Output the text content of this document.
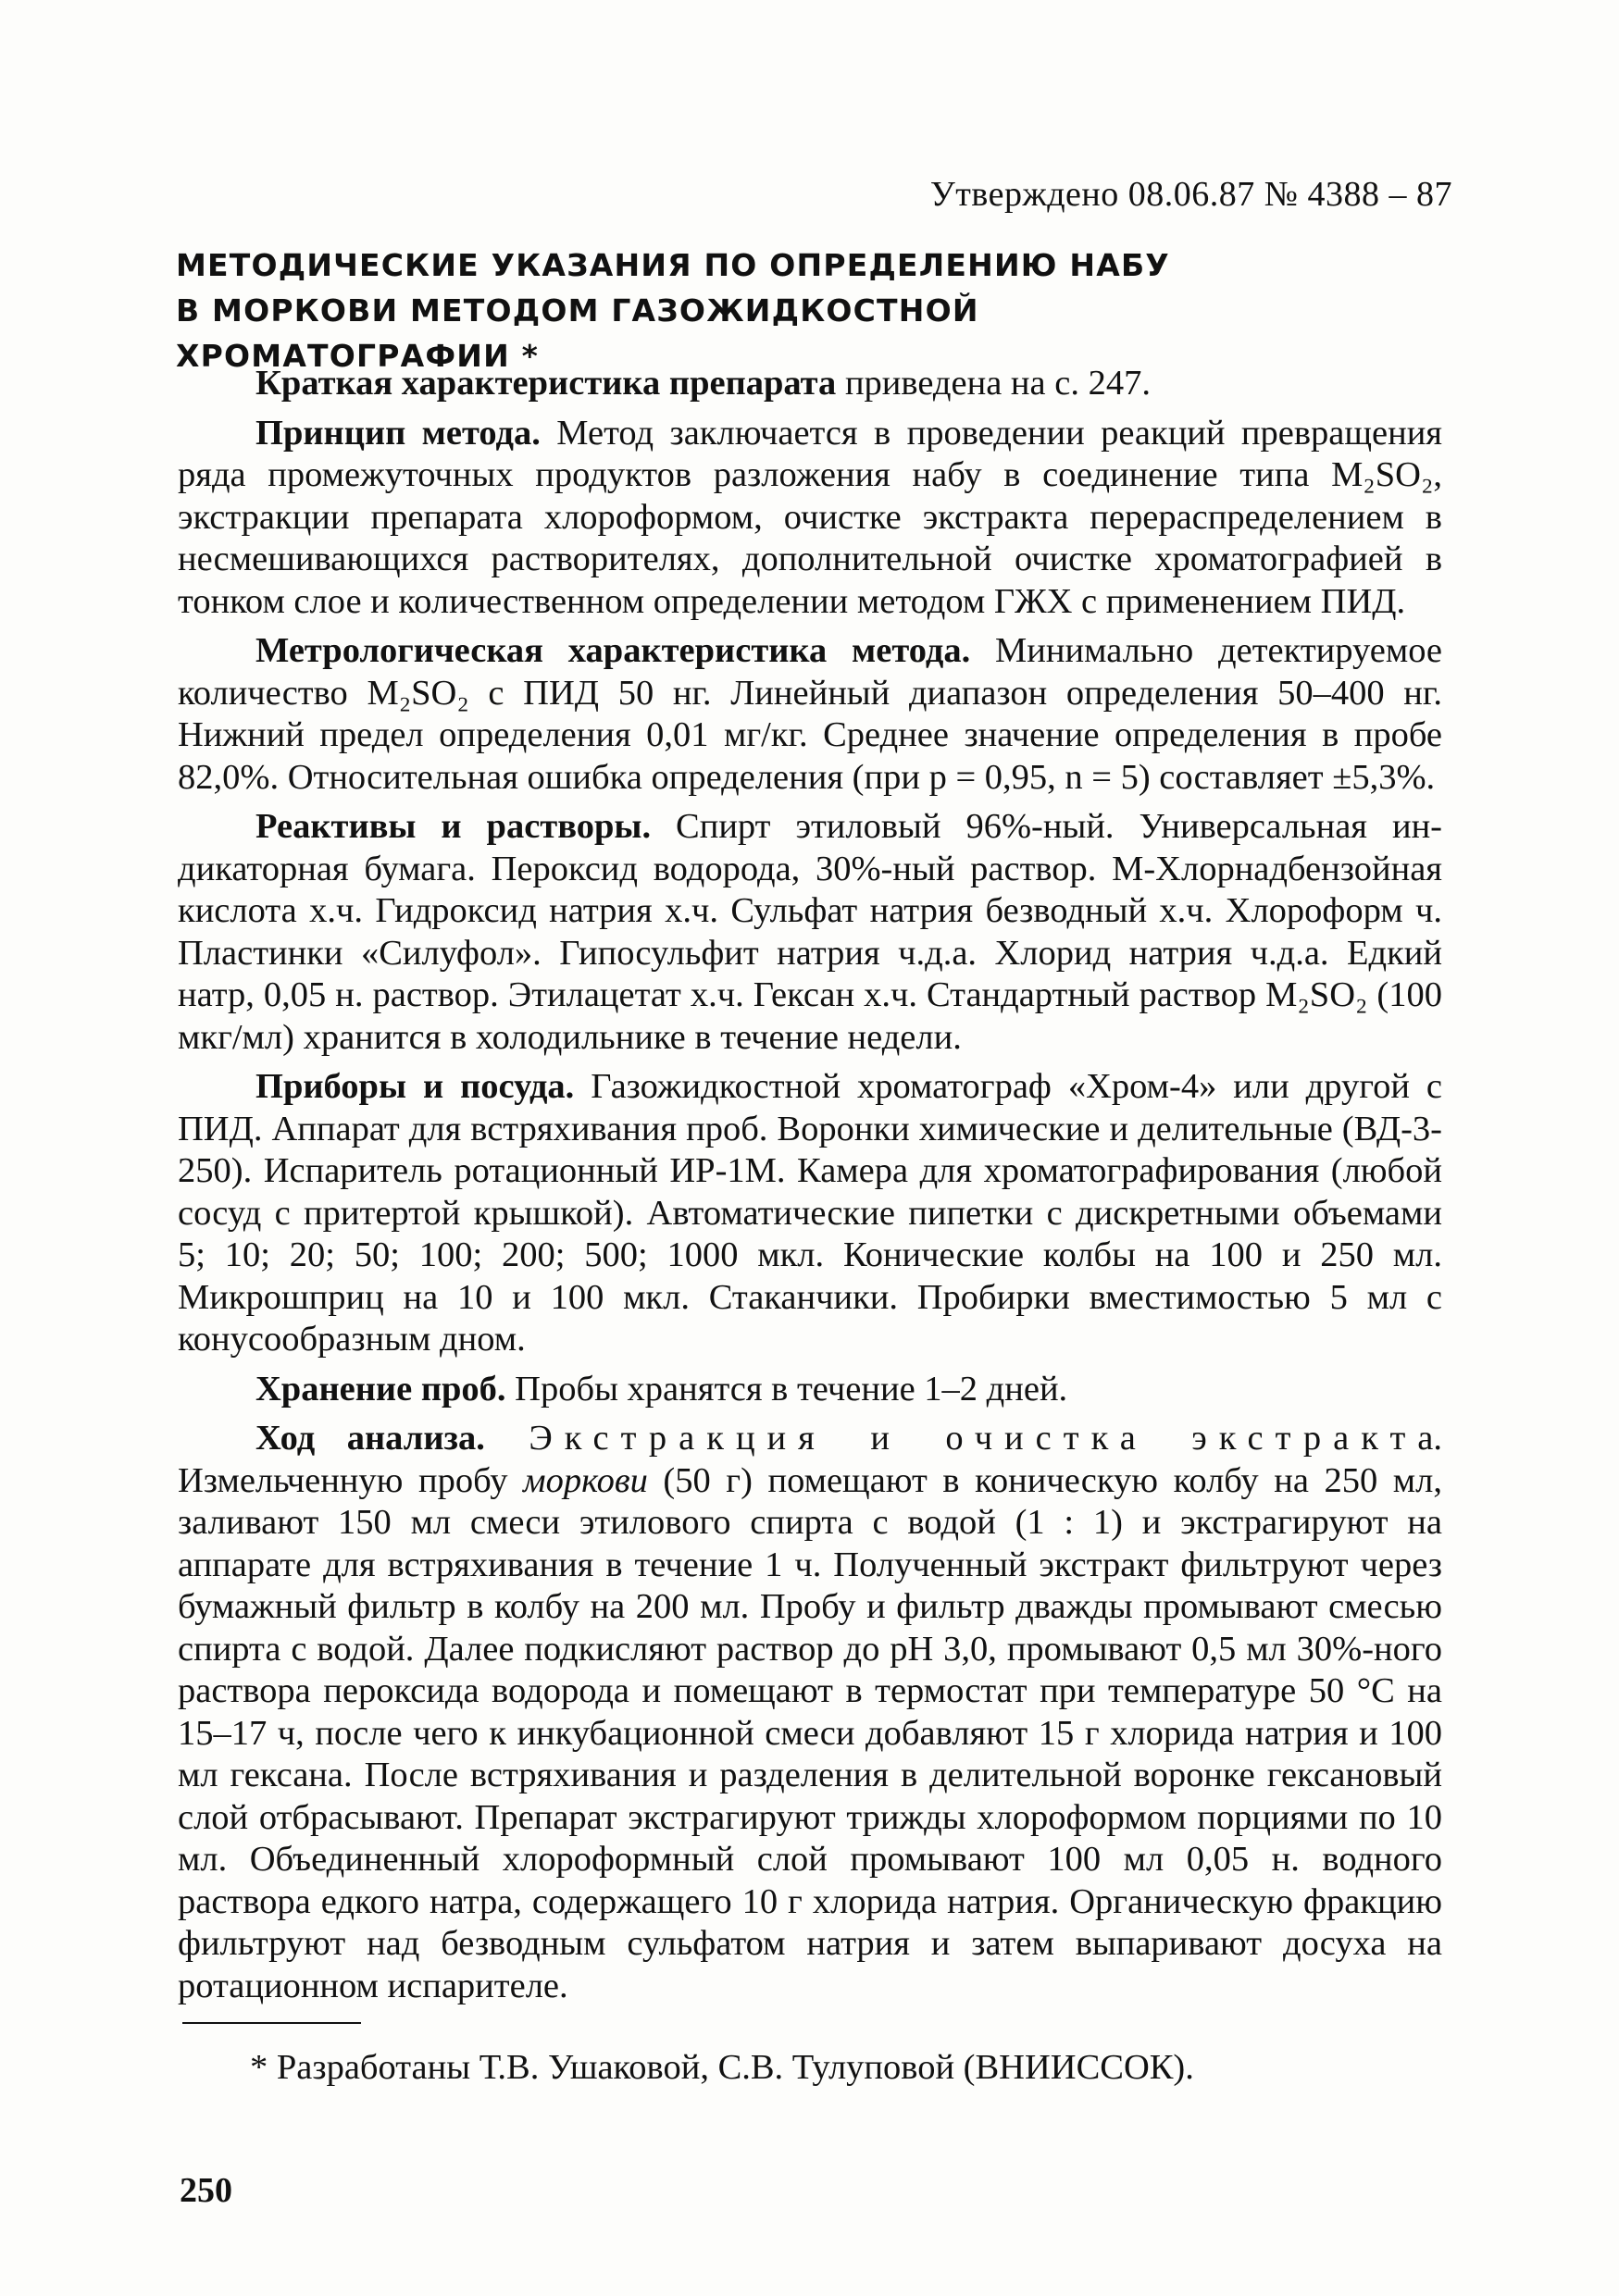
Утверждено 08.06.87 № 4388 – 87
МЕТОДИЧЕСКИЕ УКАЗАНИЯ ПО ОПРЕДЕЛЕНИЮ НАБУ
В МОРКОВИ МЕТОДОМ ГАЗОЖИДКОСТНОЙ
ХРОМАТОГРАФИИ *

Краткая характеристика препарата приведена на с. 247.

Принцип метода. Метод заключается в проведении реакций превращения ряда промежуточных продуктов разложения набу в соединение типа M₂SO₂, экстракции препарата хлороформом, очистке экстракта перераспределением в несмешивающихся растворителях, дополнительной очистке хроматографией в тонком слое и количественном определении методом ГЖХ с применением ПИД.

Метрологическая характеристика метода. Минимально детектируемое количество M₂SO₂ с ПИД 50 нг. Линейный диапазон определения 50–400 нг. Нижний предел определения 0,01 мг/кг. Среднее значение определения в пробе 82,0%. Относительная ошибка определения (при p = 0,95, n = 5) составляет ±5,3%.

Реактивы и растворы. Спирт этиловый 96%-ный. Универсальная индикаторная бумага. Пероксид водорода, 30%-ный раствор. М-Хлорнадбензойная кислота х.ч. Гидроксид натрия х.ч. Сульфат натрия безводный х.ч. Хлороформ ч. Пластинки «Силуфол». Гипосульфит натрия ч.д.а. Хлорид натрия ч.д.а. Едкий натр, 0,05 н. раствор. Этилацетат х.ч. Гексан х.ч. Стандартный раствор M₂SO₂ (100 мкг/мл) хранится в холодильнике в течение недели.

Приборы и посуда. Газожидкостной хроматограф «Хром-4» или другой с ПИД. Аппарат для встряхивания проб. Воронки химические и делительные (ВД-3-250). Испаритель ротационный ИР-1М. Камера для хроматографирования (любой сосуд с притертой крышкой). Автоматические пипетки с дискретными объемами 5; 10; 20; 50; 100; 200; 500; 1000 мкл. Конические колбы на 100 и 250 мл. Микрошприц на 10 и 100 мкл. Стаканчики. Пробирки вместимостью 5 мл с конусообразным дном.

Хранение проб. Пробы хранятся в течение 1–2 дней.

Ход анализа. Экстракция и очистка экстракта. Измельченную пробу моркови (50 г) помещают в коническую колбу на 250 мл, заливают 150 мл смеси этилового спирта с водой (1 : 1) и экстрагируют на аппарате для встряхивания в течение 1 ч. Полученный экстракт фильтруют через бумажный фильтр в колбу на 200 мл. Пробу и фильтр дважды промывают смесью спирта с водой. Далее подкисляют раствор до pH 3,0, промывают 0,5 мл 30%-ного раствора пероксида водорода и помещают в термостат при температуре 50 °C на 15–17 ч, после чего к инкубационной смеси добавляют 15 г хлорида натрия и 100 мл гексана. После встряхивания и разделения в делительной воронке гексановый слой отбрасывают. Препарат экстрагируют трижды хлороформом порциями по 10 мл. Объединенный хлороформный слой промывают 100 мл 0,05 н. водного раствора едкого натра, содержащего 10 г хлорида натрия. Органическую фракцию фильтруют над безводным сульфатом натрия и затем выпаривают досуха на ротационном испарителе.

* Разработаны Т.В. Ушаковой, С.В. Тулуповой (ВНИИССОК).
250
